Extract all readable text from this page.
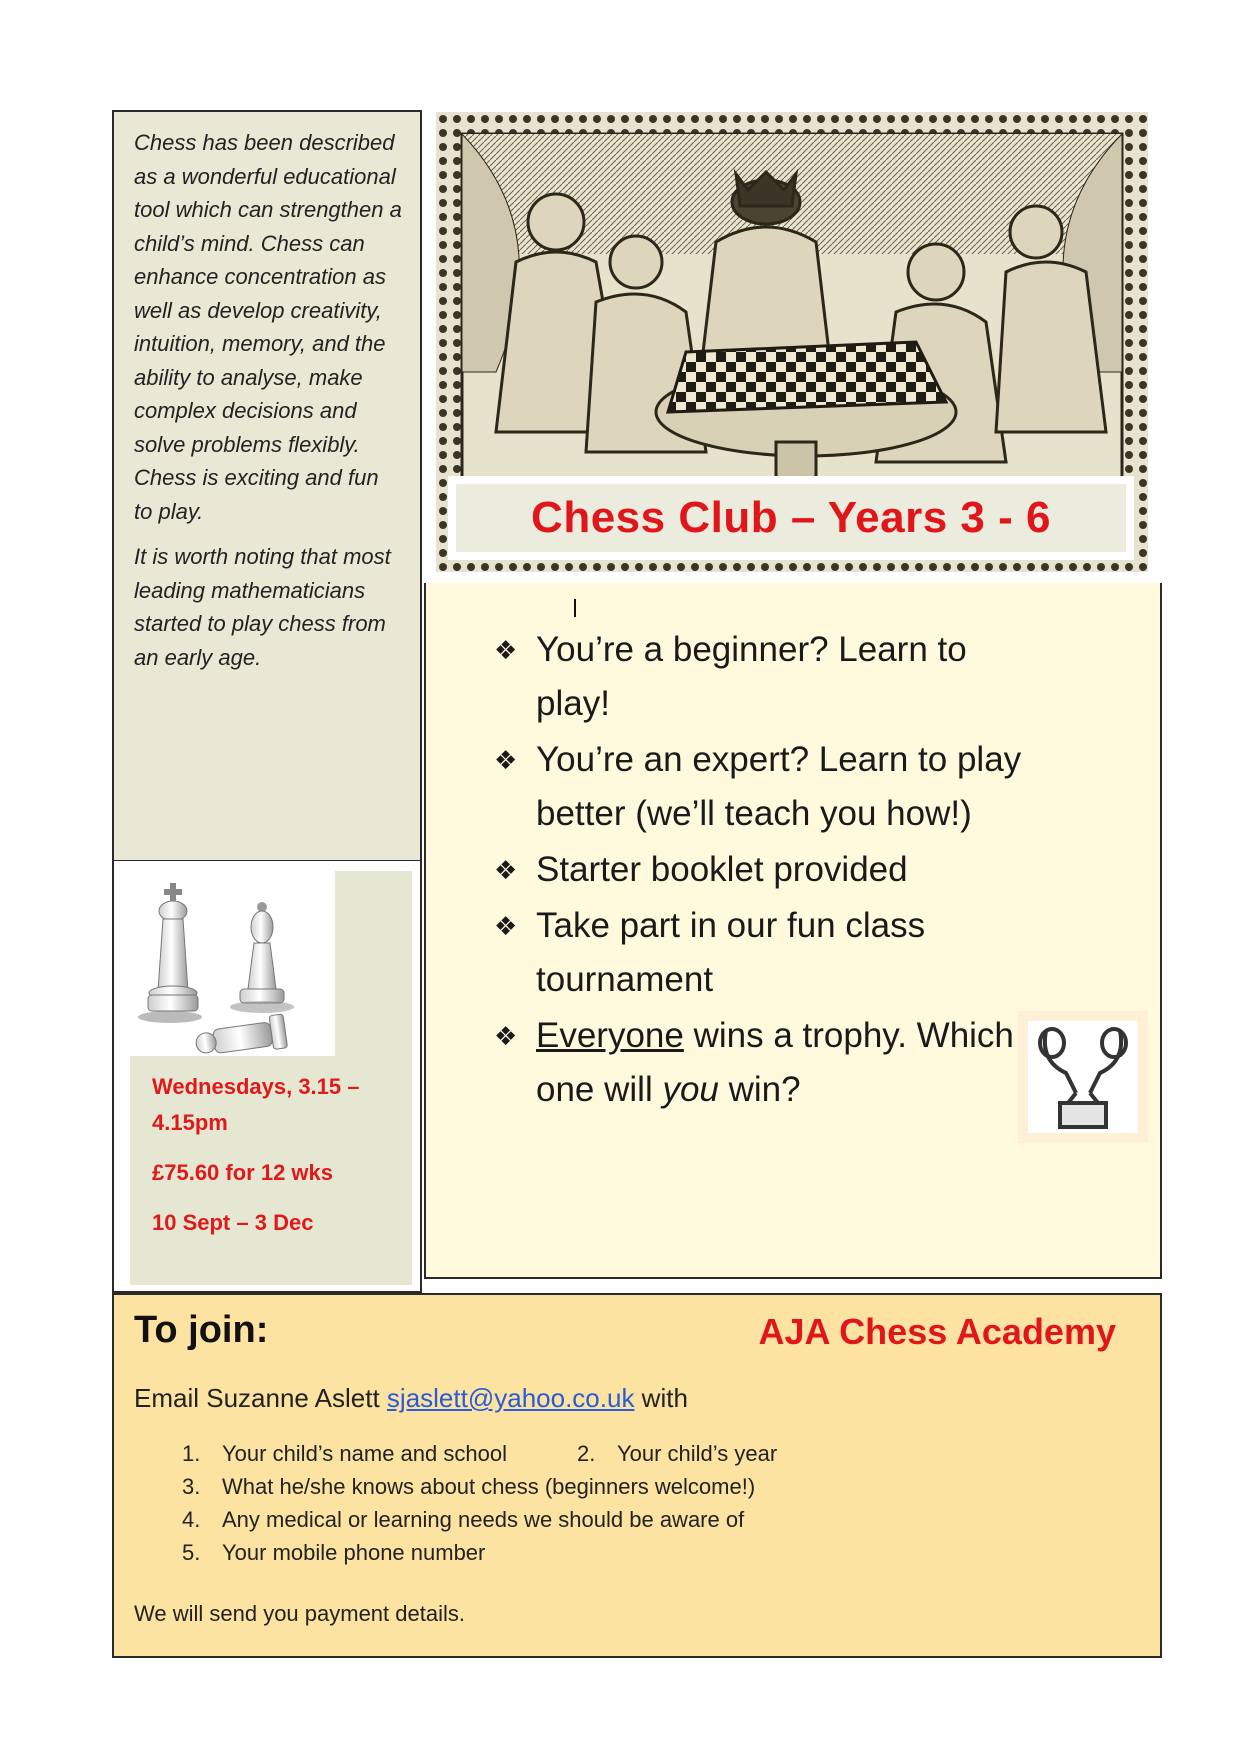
Chess has been described as a wonderful educational tool which can strengthen a child’s mind. Chess can enhance concentration as well as develop creativity, intuition, memory, and the ability to analyse, make complex decisions and solve problems flexibly. Chess is exciting and fun to play.

It is worth noting that most leading mathematicians started to play chess from an early age.

Wednesdays, 3.15 – 4.15pm

£75.60 for 12 wks

10 Sept – 3 Dec

Chess Club – Years 3 - 6
❖ You’re a beginner? Learn to play!
❖ You’re an expert? Learn to play better (we’ll teach you how!)
❖ Starter booklet provided
❖ Take part in our fun class tournament
❖ Everyone wins a trophy. Which one will you win?
To join:	AJA Chess Academy
Email Suzanne Aslett sjaslett@yahoo.co.uk with
1. Your child’s name and school	2. Your child’s year
3. What he/she knows about chess (beginners welcome!)
4. Any medical or learning needs we should be aware of
5. Your mobile phone number
We will send you payment details.
